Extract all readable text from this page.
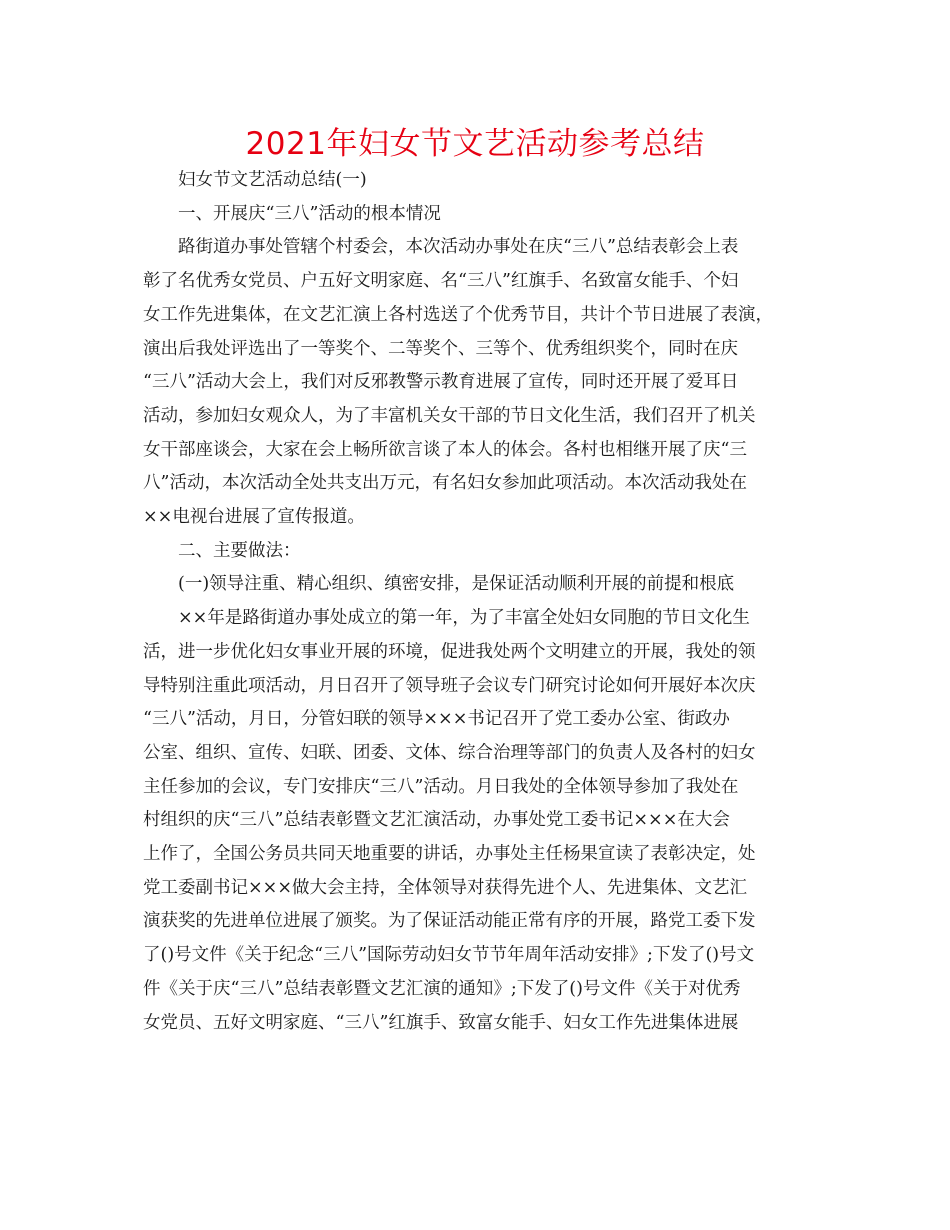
2021年妇女节文艺活动参考总结
妇女节文艺活动总结(一)
一、开展庆“三八”活动的根本情况
路街道办事处管辖个村委会，本次活动办事处在庆“三八”总结表彰会上表
彰了名优秀女党员、户五好文明家庭、名“三八”红旗手、名致富女能手、个妇
女工作先进集体，在文艺汇演上各村选送了个优秀节目，共计个节日进展了表演，
演出后我处评选出了一等奖个、二等奖个、三等个、优秀组织奖个，同时在庆
“三八”活动大会上，我们对反邪教警示教育进展了宣传，同时还开展了爱耳日
活动，参加妇女观众人，为了丰富机关女干部的节日文化生活，我们召开了机关
女干部座谈会，大家在会上畅所欲言谈了本人的体会。各村也相继开展了庆“三
八”活动，本次活动全处共支出万元，有名妇女参加此项活动。本次活动我处在
××电视台进展了宣传报道。
二、主要做法：
(一)领导注重、精心组织、缜密安排，是保证活动顺利开展的前提和根底
××年是路街道办事处成立的第一年，为了丰富全处妇女同胞的节日文化生
活，进一步优化妇女事业开展的环境，促进我处两个文明建立的开展，我处的领
导特别注重此项活动，月日召开了领导班子会议专门研究讨论如何开展好本次庆
“三八”活动，月日，分管妇联的领导×××书记召开了党工委办公室、街政办
公室、组织、宣传、妇联、团委、文体、综合治理等部门的负责人及各村的妇女
主任参加的会议，专门安排庆“三八”活动。月日我处的全体领导参加了我处在
村组织的庆“三八”总结表彰暨文艺汇演活动，办事处党工委书记×××在大会
上作了，全国公务员共同天地重要的讲话，办事处主任杨果宣读了表彰决定，处
党工委副书记×××做大会主持，全体领导对获得先进个人、先进集体、文艺汇
演获奖的先进单位进展了颁奖。为了保证活动能正常有序的开展，路党工委下发
了()号文件《关于纪念“三八”国际劳动妇女节节年周年活动安排》;下发了()号文
件《关于庆“三八”总结表彰暨文艺汇演的通知》;下发了()号文件《关于对优秀
女党员、五好文明家庭、“三八”红旗手、致富女能手、妇女工作先进集体进展
